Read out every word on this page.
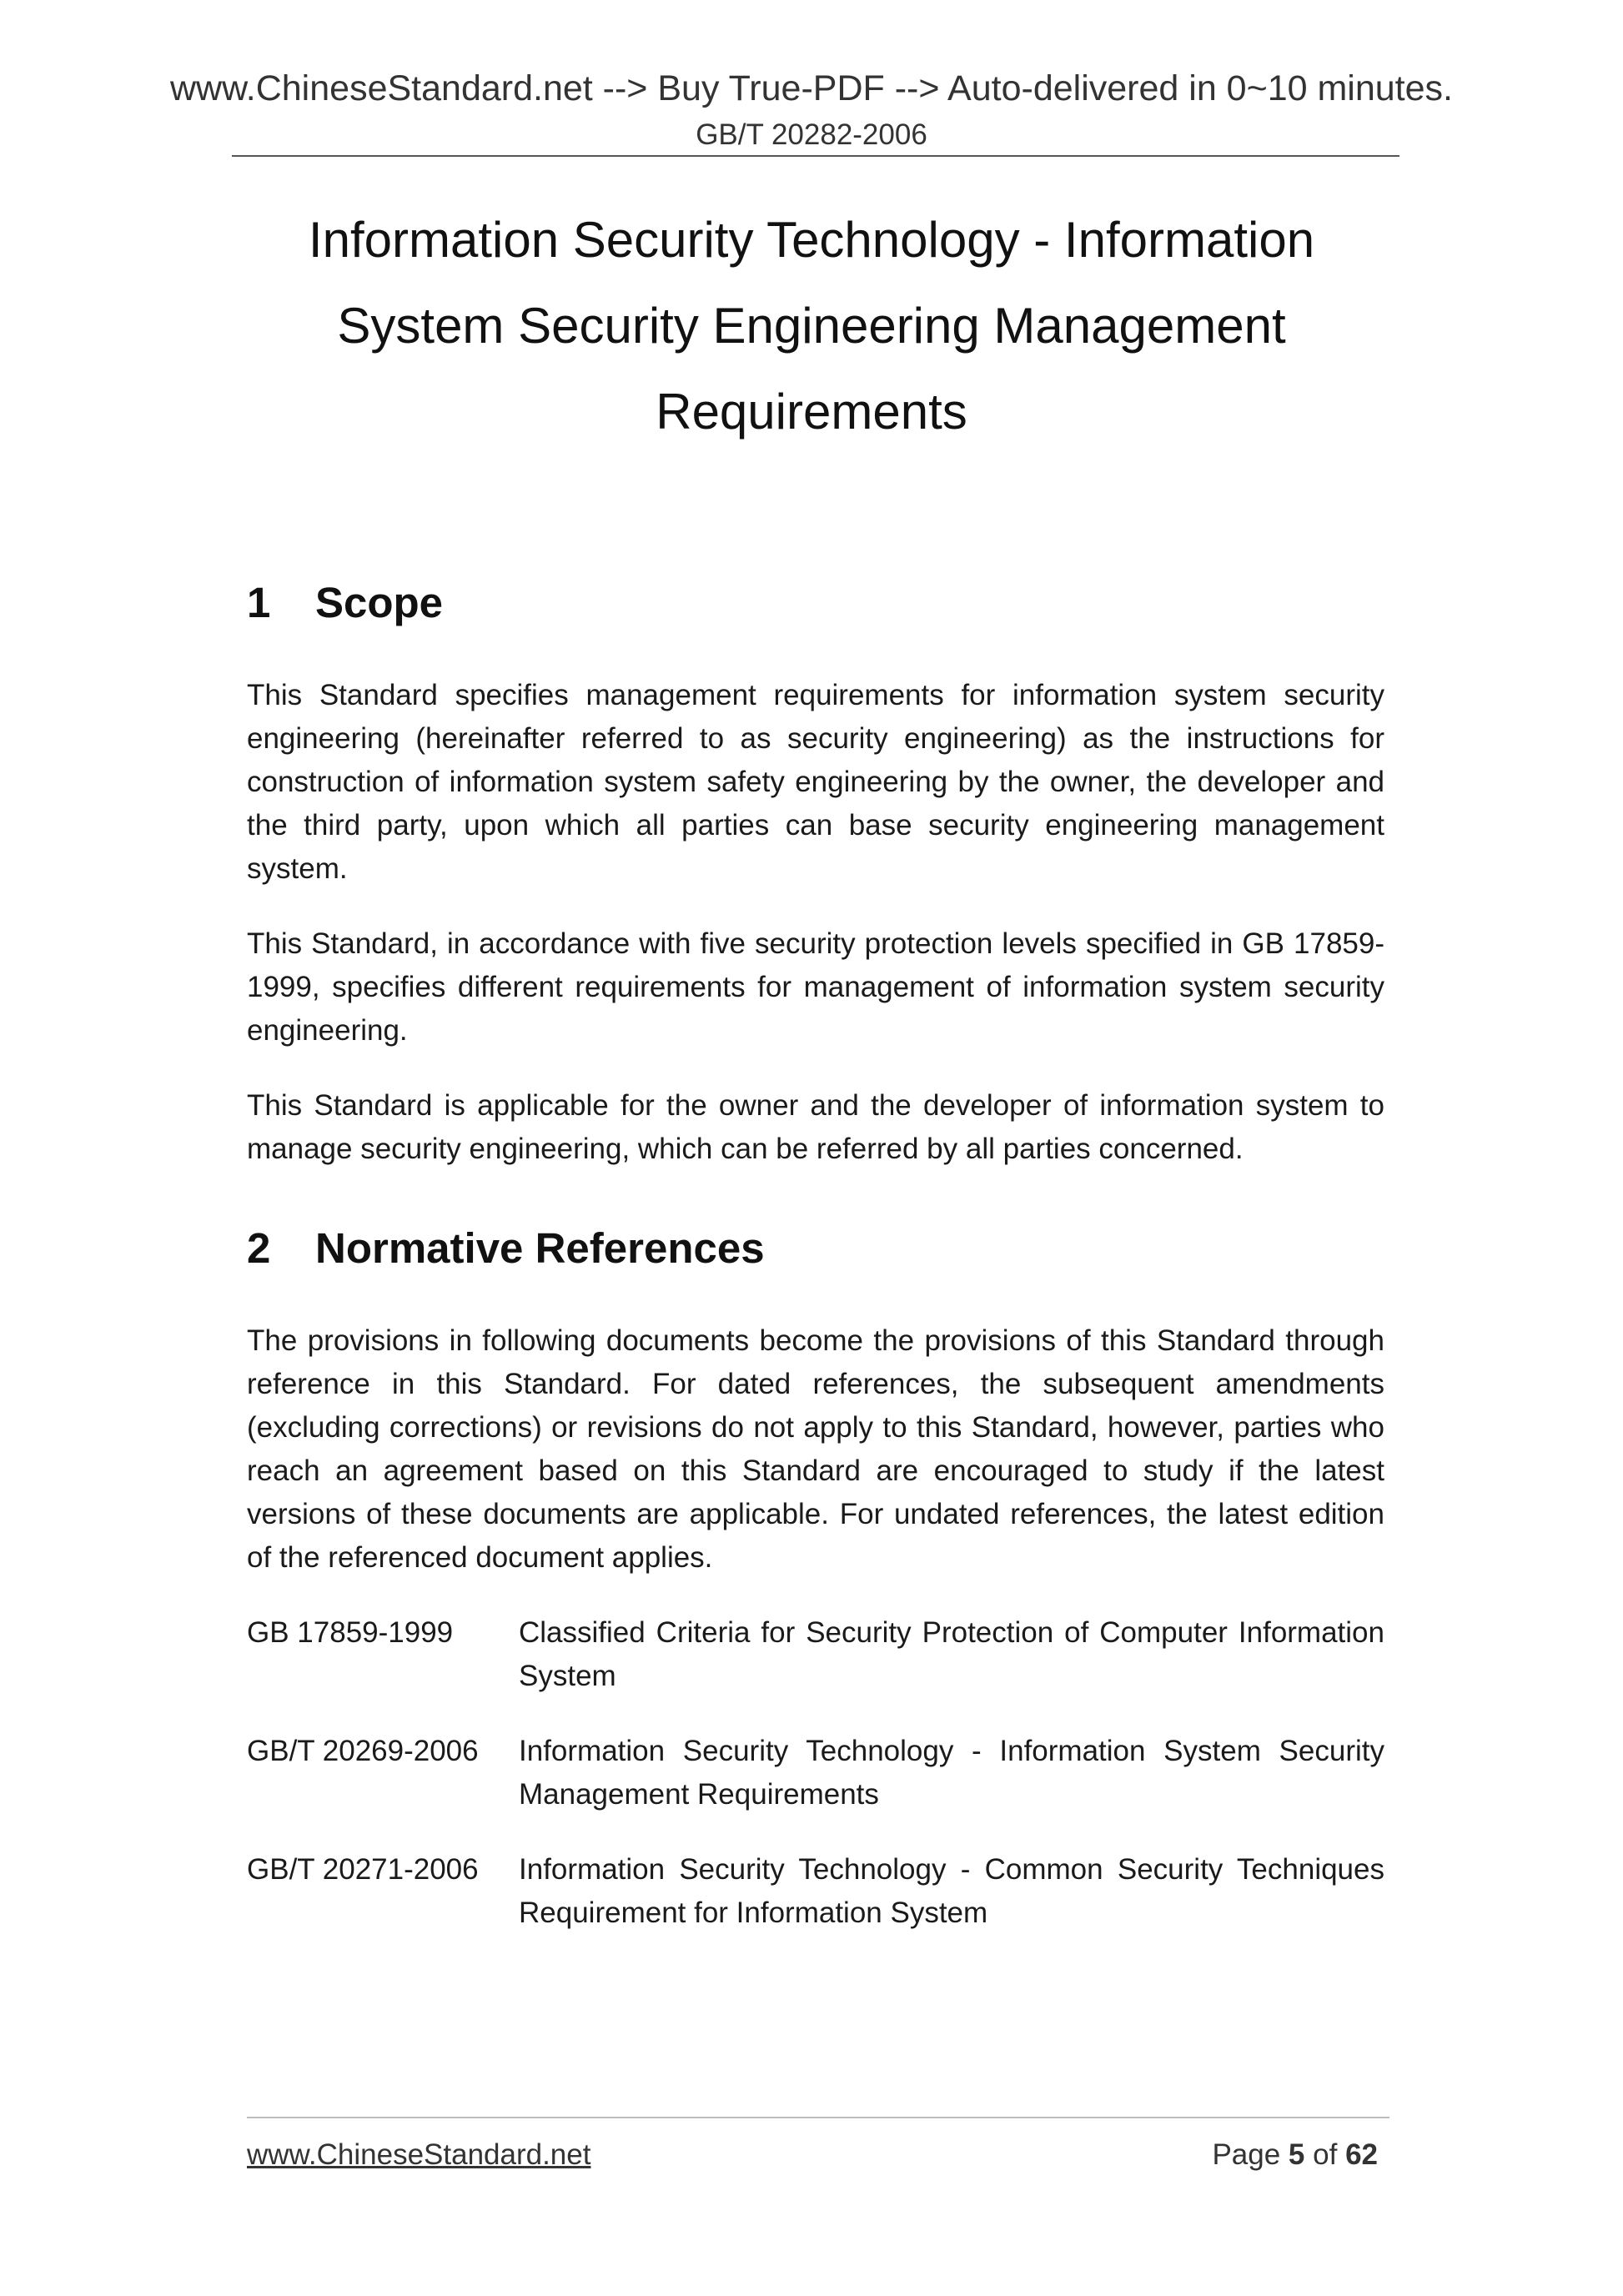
www.ChineseStandard.net --> Buy True-PDF --> Auto-delivered in 0~10 minutes.
GB/T 20282-2006
Information Security Technology - Information
System Security Engineering Management
Requirements
1	Scope

This Standard specifies management requirements for information system security engineering (hereinafter referred to as security engineering) as the instructions for construction of information system safety engineering by the owner, the developer and the third party, upon which all parties can base security engineering management system.

This Standard, in accordance with five security protection levels specified in GB 17859-1999, specifies different requirements for management of information system security engineering.

This Standard is applicable for the owner and the developer of information system to manage security engineering, which can be referred by all parties concerned.

2	Normative References

The provisions in following documents become the provisions of this Standard through reference in this Standard. For dated references, the subsequent amendments (excluding corrections) or revisions do not apply to this Standard, however, parties who reach an agreement based on this Standard are encouraged to study if the latest versions of these documents are applicable. For undated references, the latest edition of the referenced document applies.

GB 17859-1999	Classified Criteria for Security Protection of Computer Information System
GB/T 20269-2006	Information Security Technology - Information System Security Management Requirements
GB/T 20271-2006	Information Security Technology - Common Security Techniques Requirement for Information System
www.ChineseStandard.net	Page 5 of 62
